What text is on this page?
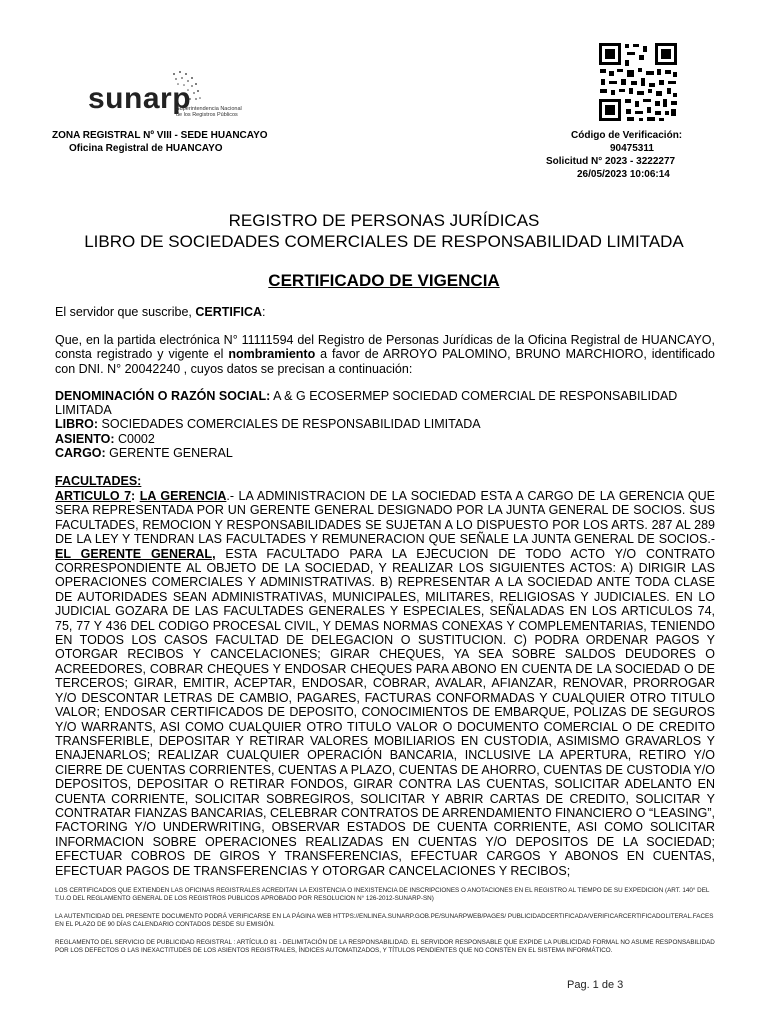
sunarp
Superintendencia Nacional de los Registros Públicos
ZONA REGISTRAL Nº VIII - SEDE HUANCAYO
Oficina Registral de HUANCAYO
Código de Verificación:
90475311
Solicitud N° 2023 - 3222277
26/05/2023 10:06:14
REGISTRO DE PERSONAS JURÍDICAS
LIBRO DE SOCIEDADES COMERCIALES DE RESPONSABILIDAD LIMITADA
CERTIFICADO DE VIGENCIA
El servidor que suscribe, CERTIFICA:
Que, en la partida electrónica N° 11111594 del Registro de Personas Jurídicas de la Oficina Registral de HUANCAYO, consta registrado y vigente el nombramiento a favor de ARROYO PALOMINO, BRUNO MARCHIORO, identificado con DNI. N° 20042240 , cuyos datos se precisan a continuación:
DENOMINACIÓN O RAZÓN SOCIAL: A & G ECOSERMEP SOCIEDAD COMERCIAL DE RESPONSABILIDAD LIMITADA
LIBRO: SOCIEDADES COMERCIALES DE RESPONSABILIDAD LIMITADA
ASIENTO: C0002
CARGO: GERENTE GENERAL
FACULTADES:
ARTICULO 7: LA GERENCIA.- LA ADMINISTRACION DE LA SOCIEDAD ESTA A CARGO DE LA GERENCIA QUE SERA REPRESENTADA POR UN GERENTE GENERAL DESIGNADO POR LA JUNTA GENERAL DE SOCIOS. SUS FACULTADES, REMOCION Y RESPONSABILIDADES SE SUJETAN A LO DISPUESTO POR LOS ARTS. 287 AL 289 DE LA LEY Y TENDRAN LAS FACULTADES Y REMUNERACION QUE SEÑALE LA JUNTA GENERAL DE SOCIOS.- EL GERENTE GENERAL, ESTA FACULTADO PARA LA EJECUCION DE TODO ACTO Y/O CONTRATO CORRESPONDIENTE AL OBJETO DE LA SOCIEDAD, Y REALIZAR LOS SIGUIENTES ACTOS: A) DIRIGIR LAS OPERACIONES COMERCIALES Y ADMINISTRATIVAS. B) REPRESENTAR A LA SOCIEDAD ANTE TODA CLASE DE AUTORIDADES SEAN ADMINISTRATIVAS, MUNICIPALES, MILITARES, RELIGIOSAS Y JUDICIALES. EN LO JUDICIAL GOZARA DE LAS FACULTADES GENERALES Y ESPECIALES, SEÑALADAS EN LOS ARTICULOS 74, 75, 77 Y 436 DEL CODIGO PROCESAL CIVIL, Y DEMAS NORMAS CONEXAS Y COMPLEMENTARIAS, TENIENDO EN TODOS LOS CASOS FACULTAD DE DELEGACION O SUSTITUCION. C) PODRA ORDENAR PAGOS Y OTORGAR RECIBOS Y CANCELACIONES; GIRAR CHEQUES, YA SEA SOBRE SALDOS DEUDORES O ACREEDORES, COBRAR CHEQUES Y ENDOSAR CHEQUES PARA ABONO EN CUENTA DE LA SOCIEDAD O DE TERCEROS; GIRAR, EMITIR, ACEPTAR, ENDOSAR, COBRAR, AVALAR, AFIANZAR, RENOVAR, PRORROGAR Y/O DESCONTAR LETRAS DE CAMBIO, PAGARES, FACTURAS CONFORMADAS Y CUALQUIER OTRO TITULO VALOR; ENDOSAR CERTIFICADOS DE DEPOSITO, CONOCIMIENTOS DE EMBARQUE, POLIZAS DE SEGUROS Y/O WARRANTS, ASI COMO CUALQUIER OTRO TITULO VALOR O DOCUMENTO COMERCIAL O DE CREDITO TRANSFERIBLE, DEPOSITAR Y RETIRAR VALORES MOBILIARIOS EN CUSTODIA, ASIMISMO GRAVARLOS Y ENAJENARLOS; REALIZAR CUALQUIER OPERACIÓN BANCARIA, INCLUSIVE LA APERTURA, RETIRO Y/O CIERRE DE CUENTAS CORRIENTES, CUENTAS A PLAZO, CUENTAS DE AHORRO, CUENTAS DE CUSTODIA Y/O DEPOSITOS, DEPOSITAR O RETIRAR FONDOS, GIRAR CONTRA LAS CUENTAS, SOLICITAR ADELANTO EN CUENTA CORRIENTE, SOLICITAR SOBREGIROS, SOLICITAR Y ABRIR CARTAS DE CREDITO, SOLICITAR Y CONTRATAR FIANZAS BANCARIAS, CELEBRAR CONTRATOS DE ARRENDAMIENTO FINANCIERO O “LEASING”, FACTORING Y/O UNDERWRITING, OBSERVAR ESTADOS DE CUENTA CORRIENTE, ASI COMO SOLICITAR INFORMACION SOBRE OPERACIONES REALIZADAS EN CUENTAS Y/O DEPOSITOS DE LA SOCIEDAD; EFECTUAR COBROS DE GIROS Y TRANSFERENCIAS, EFECTUAR CARGOS Y ABONOS EN CUENTAS, EFECTUAR PAGOS DE TRANSFERENCIAS Y OTORGAR CANCELACIONES Y RECIBOS;
LOS CERTIFICADOS QUE EXTIENDEN LAS OFICINAS REGISTRALES ACREDITAN LA EXISTENCIA O INEXISTENCIA DE INSCRIPCIONES O ANOTACIONES EN EL REGISTRO AL TIEMPO DE SU EXPEDICION (ART. 140° DEL T.U.O DEL REGLAMENTO GENERAL DE LOS REGISTROS PUBLICOS APROBADO POR RESOLUCION N° 126-2012-SUNARP-SN)
LA AUTENTICIDAD DEL PRESENTE DOCUMENTO PODRÁ VERIFICARSE EN LA PÁGINA WEB HTTPS://ENLINEA.SUNARP.GOB.PE/SUNARPWEB/PAGES/ PUBLICIDADCERTIFICADA/VERIFICARCERTIFICADOLITERAL.FACES EN EL PLAZO DE 90 DÍAS CALENDARIO CONTADOS DESDE SU EMISIÓN.
REGLAMENTO DEL SERVICIO DE PUBLICIDAD REGISTRAL : ARTÍCULO 81 - DELIMITACIÓN DE LA RESPONSABILIDAD. EL SERVIDOR RESPONSABLE QUE EXPIDE LA PUBLICIDAD FORMAL NO ASUME RESPONSABILIDAD POR LOS DEFECTOS O LAS INEXACTITUDES DE LOS ASIENTOS REGISTRALES, ÍNDICES AUTOMATIZADOS, Y TÍTULOS PENDIENTES QUE NO CONSTEN EN EL SISTEMA INFORMÁTICO.
Pag. 1 de 3
